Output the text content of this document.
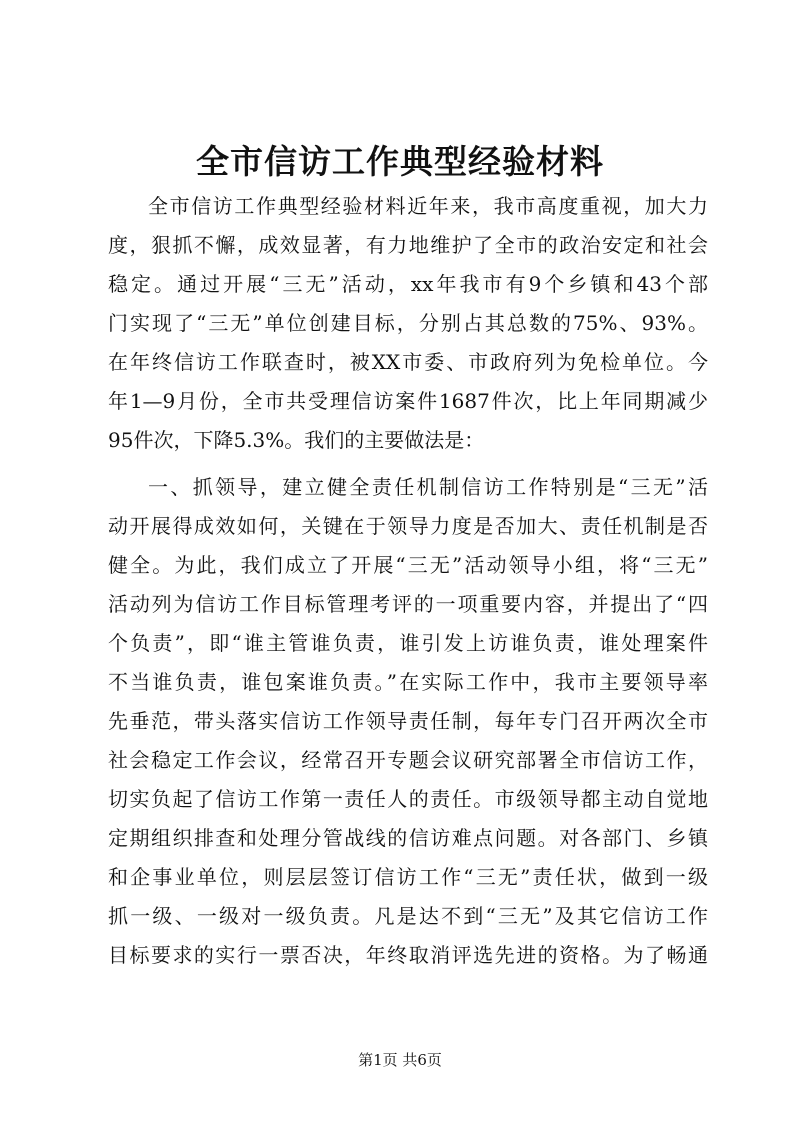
全市信访工作典型经验材料

全市信访工作典型经验材料近年来，我市高度重视，加大力

度，狠抓不懈，成效显著，有力地维护了全市的政治安定和社会

稳定。通过开展“三无”活动，xx年我市有9个乡镇和43个部

门实现了“三无”单位创建目标，分别占其总数的75%、93%。

在年终信访工作联查时，被XX市委、市政府列为免检单位。今

年1—9月份，全市共受理信访案件1687件次，比上年同期减少

95件次，下降5.3%。我们的主要做法是：

一、抓领导，建立健全责任机制信访工作特别是“三无”活

动开展得成效如何，关键在于领导力度是否加大、责任机制是否

健全。为此，我们成立了开展“三无”活动领导小组，将“三无”

活动列为信访工作目标管理考评的一项重要内容，并提出了“四

个负责”，即“谁主管谁负责，谁引发上访谁负责，谁处理案件

不当谁负责，谁包案谁负责。”在实际工作中，我市主要领导率

先垂范，带头落实信访工作领导责任制，每年专门召开两次全市

社会稳定工作会议，经常召开专题会议研究部署全市信访工作，

切实负起了信访工作第一责任人的责任。市级领导都主动自觉地

定期组织排查和处理分管战线的信访难点问题。对各部门、乡镇

和企事业单位，则层层签订信访工作“三无”责任状，做到一级

抓一级、一级对一级负责。凡是达不到“三无”及其它信访工作

目标要求的实行一票否决，年终取消评选先进的资格。为了畅通

第1页 共6页
